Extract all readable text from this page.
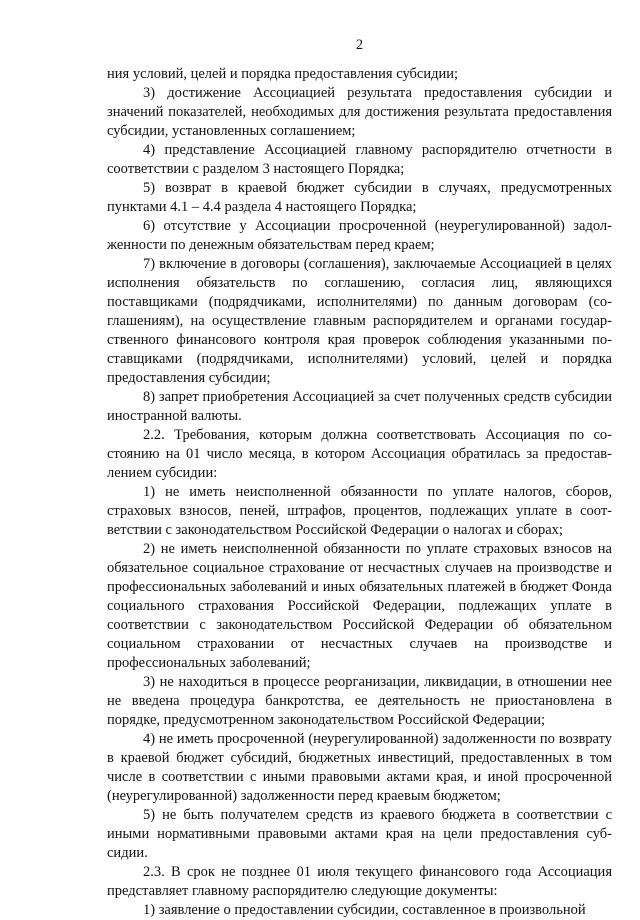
2

ния условий, целей и порядка предоставления субсидии;

3) достижение Ассоциацией результата предоставления субсидии и значений показателей, необходимых для достижения результата предоставления субсидии, установленных соглашением;

4) представление Ассоциацией главному распорядителю отчетности в соответствии с разделом 3 настоящего Порядка;

5) возврат в краевой бюджет субсидии в случаях, предусмотренных пунктами 4.1 – 4.4 раздела 4 настоящего Порядка;

6) отсутствие у Ассоциации просроченной (неурегулированной) задолженности по денежным обязательствам перед краем;

7) включение в договоры (соглашения), заключаемые Ассоциацией в целях исполнения обязательств по соглашению, согласия лиц, являющихся поставщиками (подрядчиками, исполнителями) по данным договорам (соглашениям), на осуществление главным распорядителем и органами государственного финансового контроля края проверок соблюдения указанными поставщиками (подрядчиками, исполнителями) условий, целей и порядка предоставления субсидии;

8) запрет приобретения Ассоциацией за счет полученных средств субсидии иностранной валюты.

2.2. Требования, которым должна соответствовать Ассоциация по состоянию на 01 число месяца, в котором Ассоциация обратилась за предоставлением субсидии:

1) не иметь неисполненной обязанности по уплате налогов, сборов, страховых взносов, пеней, штрафов, процентов, подлежащих уплате в соответствии с законодательством Российской Федерации о налогах и сборах;

2) не иметь неисполненной обязанности по уплате страховых взносов на обязательное социальное страхование от несчастных случаев на производстве и профессиональных заболеваний и иных обязательных платежей в бюджет Фонда социального страхования Российской Федерации, подлежащих уплате в соответствии с законодательством Российской Федерации об обязательном социальном страховании от несчастных случаев на производстве и профессиональных заболеваний;

3) не находиться в процессе реорганизации, ликвидации, в отношении нее не введена процедура банкротства, ее деятельность не приостановлена в порядке, предусмотренном законодательством Российской Федерации;

4) не иметь просроченной (неурегулированной) задолженности по возврату в краевой бюджет субсидий, бюджетных инвестиций, предоставленных в том числе в соответствии с иными правовыми актами края, и иной просроченной (неурегулированной) задолженности перед краевым бюджетом;

5) не быть получателем средств из краевого бюджета в соответствии с иными нормативными правовыми актами края на цели предоставления субсидии.

2.3. В срок не позднее 01 июля текущего финансового года Ассоциация представляет главному распорядителю следующие документы:

1) заявление о предоставлении субсидии, составленное в произвольной
